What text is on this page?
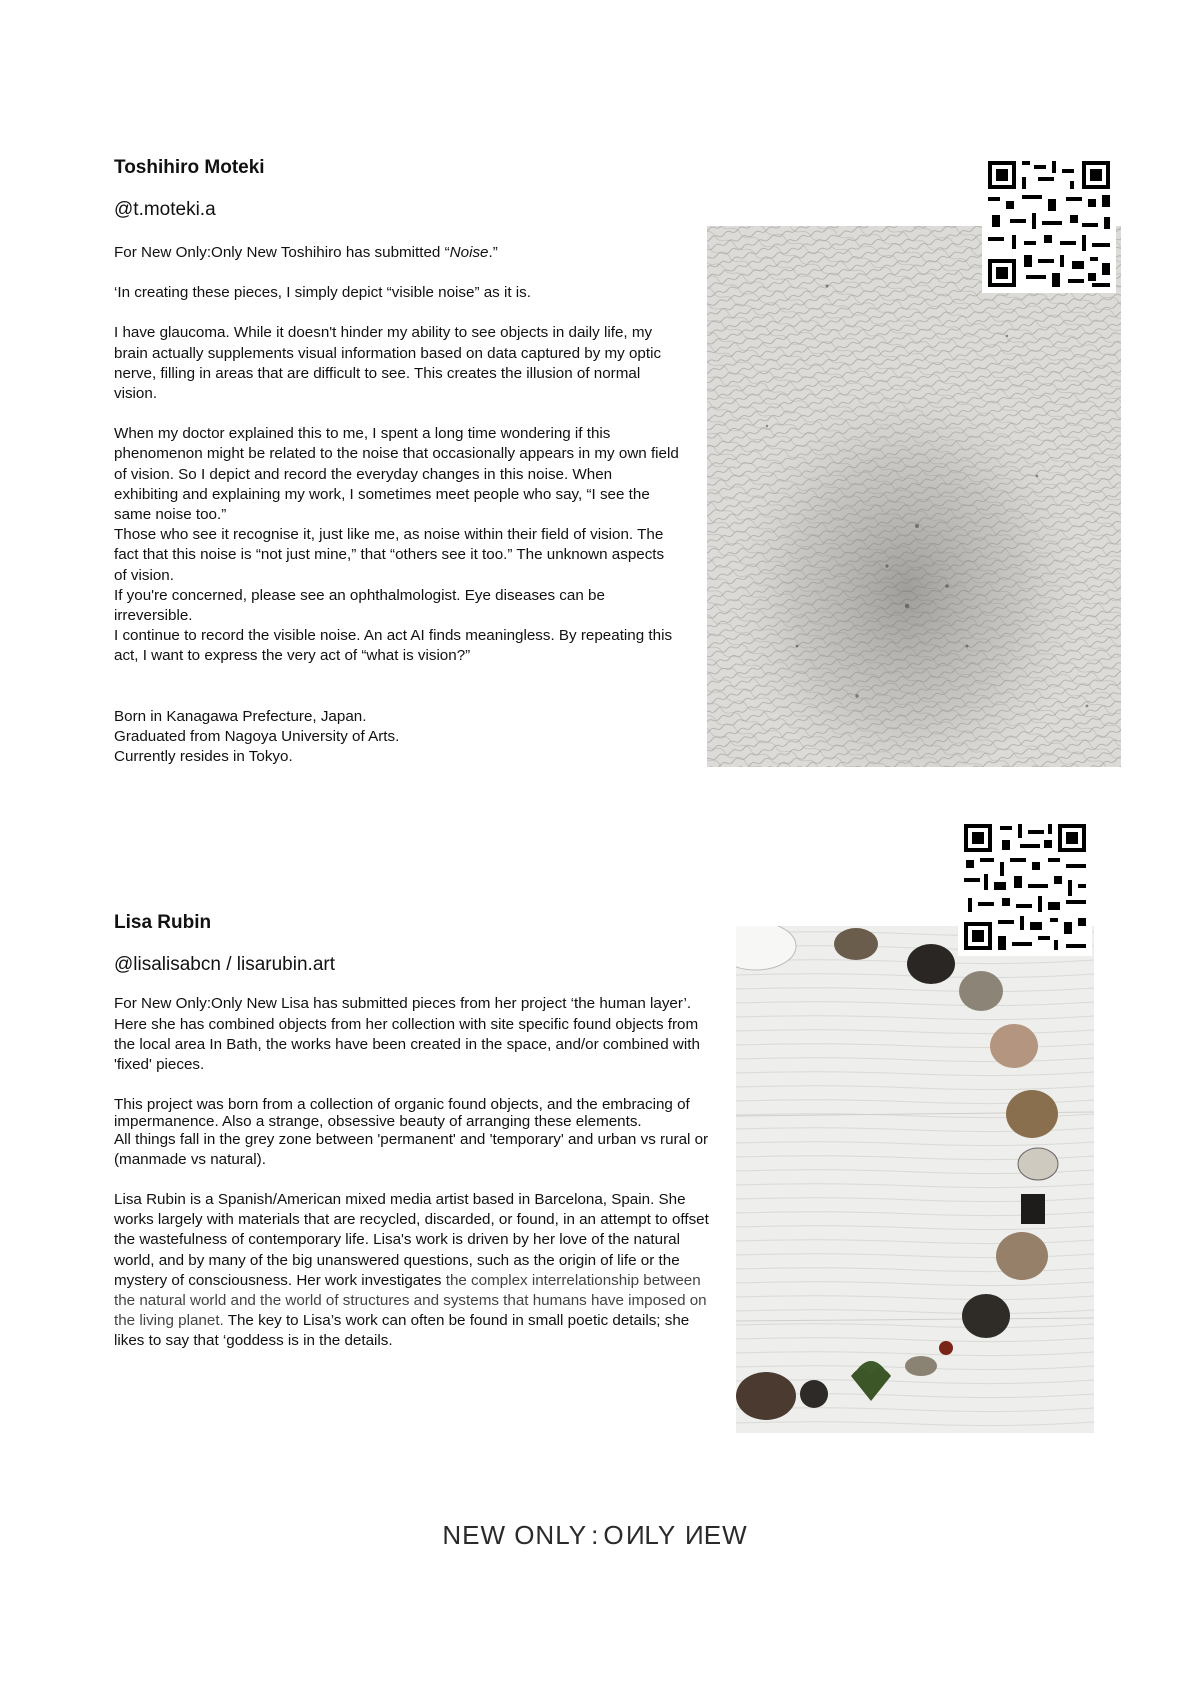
Toshihiro Moteki

@t.moteki.a

For New Only:Only New Toshihiro has submitted “Noise.”

‘In creating these pieces, I simply depict “visible noise” as it is.

I have glaucoma. While it doesn't hinder my ability to see objects in daily life, my brain actually supplements visual information based on data captured by my optic nerve, filling in areas that are difficult to see. This creates the illusion of normal vision.

When my doctor explained this to me, I spent a long time wondering if this phenomenon might be related to the noise that occasionally appears in my own field of vision. So I depict and record the everyday changes in this noise. When exhibiting and explaining my work, I sometimes meet people who say, “I see the same noise too.”

Those who see it recognise it, just like me, as noise within their field of vision. The fact that this noise is “not just mine,” that “others see it too.” The unknown aspects of vision.

If you're concerned, please see an ophthalmologist. Eye diseases can be irreversible.

I continue to record the visible noise. An act AI finds meaningless. By repeating this act, I want to express the very act of “what is vision?”

Born in Kanagawa Prefecture, Japan.

Graduated from Nagoya University of Arts.

Currently resides in Tokyo.

Lisa Rubin

@lisalisabcn / lisarubin.art

For New Only:Only New Lisa has submitted pieces from her project ‘the human layer’.

Here she has combined objects from her collection with site specific found objects from the local area In Bath, the works have been created in the space, and/or combined with 'fixed' pieces.

This project was born from a collection of organic found objects, and the embracing of impermanence. Also a strange, obsessive beauty of arranging these elements.

All things fall in the grey zone between 'permanent' and 'temporary' and urban vs rural or (manmade vs natural).

Lisa Rubin is a Spanish/American mixed media artist based in Barcelona, Spain. She works largely with materials that are recycled, discarded, or found, in an attempt to offset the wastefulness of contemporary life. Lisa's work is driven by her love of the natural world, and by many of the big unanswered questions, such as the origin of life or the mystery of consciousness. Her work investigates the complex interrelationship between the natural world and the world of structures and systems that humans have imposed on the living planet. The key to Lisa’s work can often be found in small poetic details; she likes to say that ‘goddess is in the details.

NEW ONLY : ONLY NEW
